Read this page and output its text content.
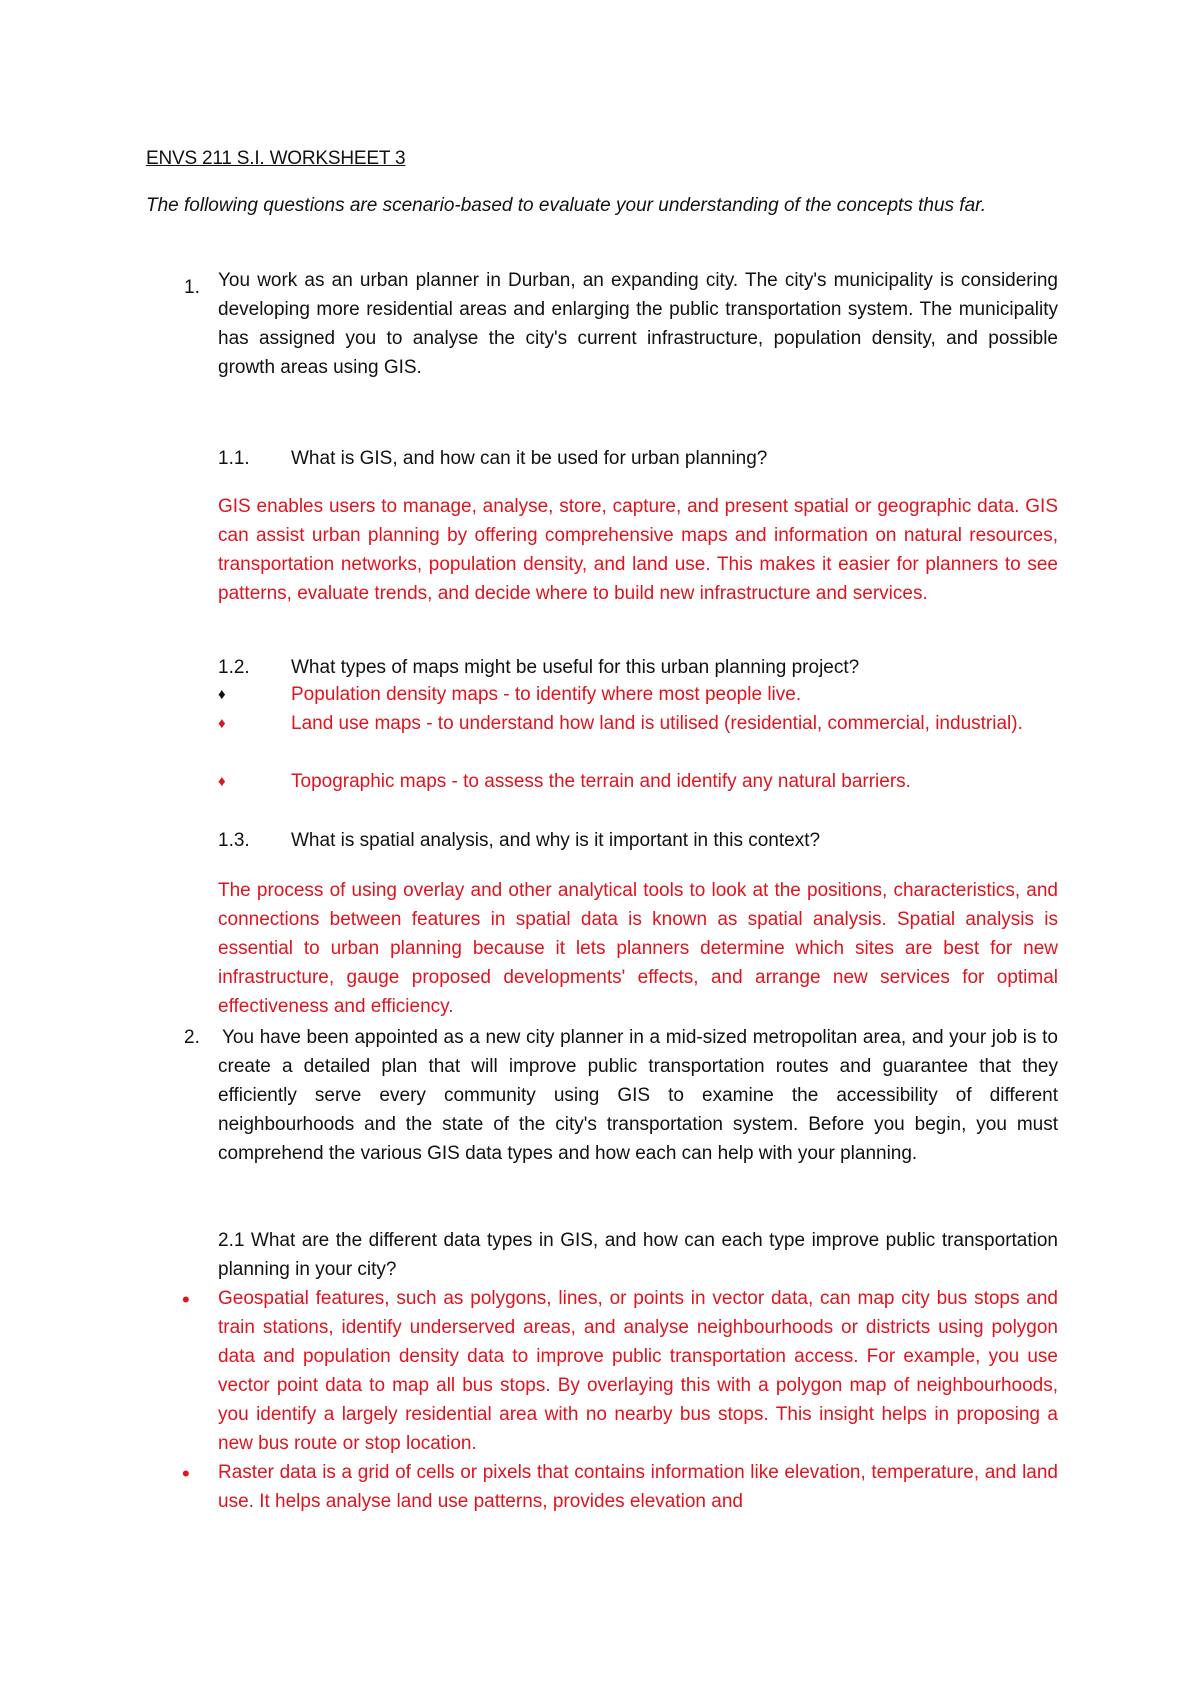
ENVS 211 S.I. WORKSHEET 3
The following questions are scenario-based to evaluate your understanding of the concepts thus far.
1. You work as an urban planner in Durban, an expanding city. The city's municipality is considering developing more residential areas and enlarging the public transportation system. The municipality has assigned you to analyse the city's current infrastructure, population density, and possible growth areas using GIS.
1.1. What is GIS, and how can it be used for urban planning?
GIS enables users to manage, analyse, store, capture, and present spatial or geographic data. GIS can assist urban planning by offering comprehensive maps and information on natural resources, transportation networks, population density, and land use. This makes it easier for planners to see patterns, evaluate trends, and decide where to build new infrastructure and services.
1.2. What types of maps might be useful for this urban planning project?
♦	Population density maps - to identify where most people live.
♦	Land use maps - to understand how land is utilised (residential, commercial, industrial).
♦	Topographic maps - to assess the terrain and identify any natural barriers.
1.3. What is spatial analysis, and why is it important in this context?
The process of using overlay and other analytical tools to look at the positions, characteristics, and connections between features in spatial data is known as spatial analysis. Spatial analysis is essential to urban planning because it lets planners determine which sites are best for new infrastructure, gauge proposed developments' effects, and arrange new services for optimal effectiveness and efficiency.
2. You have been appointed as a new city planner in a mid-sized metropolitan area, and your job is to create a detailed plan that will improve public transportation routes and guarantee that they efficiently serve every community using GIS to examine the accessibility of different neighbourhoods and the state of the city's transportation system. Before you begin, you must comprehend the various GIS data types and how each can help with your planning.
2.1 What are the different data types in GIS, and how can each type improve public transportation planning in your city?
• Geospatial features, such as polygons, lines, or points in vector data, can map city bus stops and train stations, identify underserved areas, and analyse neighbourhoods or districts using polygon data and population density data to improve public transportation access. For example, you use vector point data to map all bus stops. By overlaying this with a polygon map of neighbourhoods, you identify a largely residential area with no nearby bus stops. This insight helps in proposing a new bus route or stop location.
• Raster data is a grid of cells or pixels that contains information like elevation, temperature, and land use. It helps analyse land use patterns, provides elevation and
